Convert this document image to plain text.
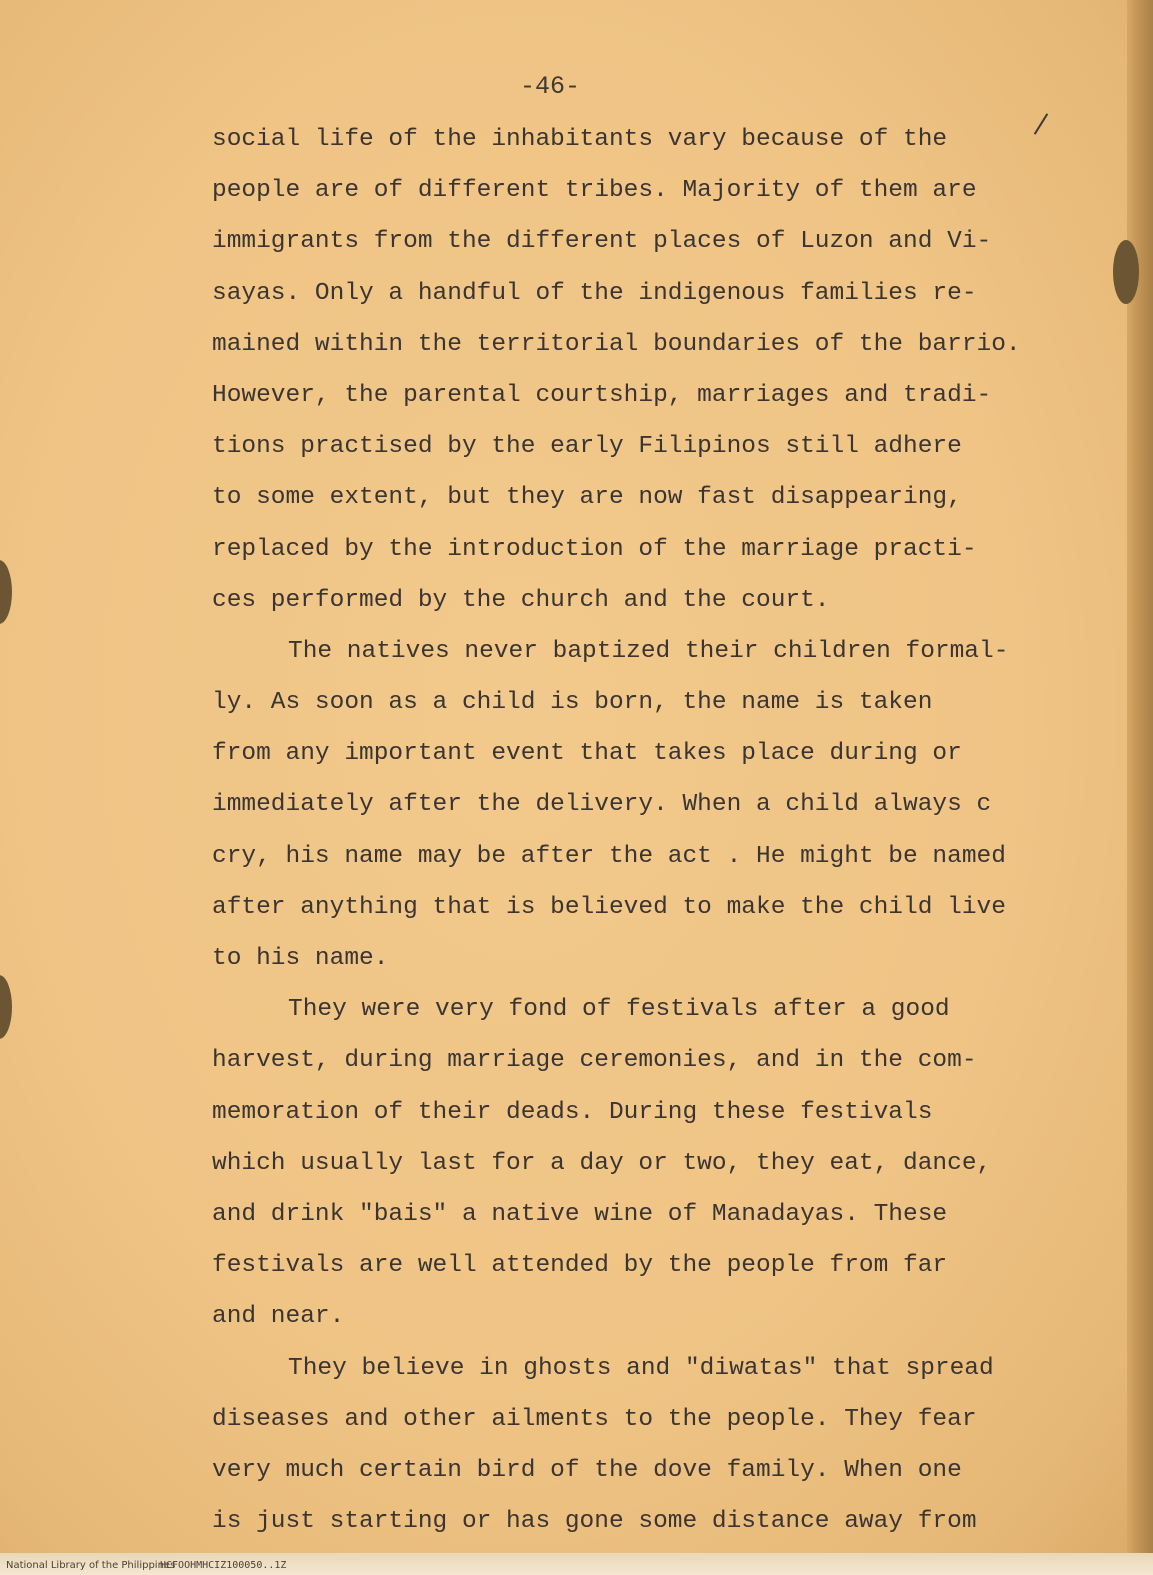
-46-
social life of the inhabitants vary because of the
people are of different tribes. Majority of them are
immigrants from the different places of Luzon and Vi-
sayas. Only a handful of the indigenous families re-
mained within the territorial boundaries of the barrio.
However, the parental courtship, marriages and tradi-
tions practised by the early Filipinos still adhere
to some extent, but they are now fast disappearing,
replaced by the introduction of the marriage practi-
ces performed by the church and the court.
The natives never baptized their children formal-
ly. As soon as a child is born, the name is taken
from any important event that takes place during or
immediately after the delivery. When a child always c
cry, his name may be after the act . He might be named
after anything that is believed to make the child live
to his name.
They were very fond of festivals after a good
harvest, during marriage ceremonies, and in the com-
memoration of their deads. During these festivals
which usually last for a day or two, they eat, dance,
and drink "bais" a native wine of Manadayas. These
festivals are well attended by the people from far
and near.
They believe in ghosts and "diwatas" that spread
diseases and other ailments to the people. They fear
very much certain bird of the dove family. When one
is just starting or has gone some distance away from
National Library of the Philippines
HCFOOHMHCIZ100050..1Z
